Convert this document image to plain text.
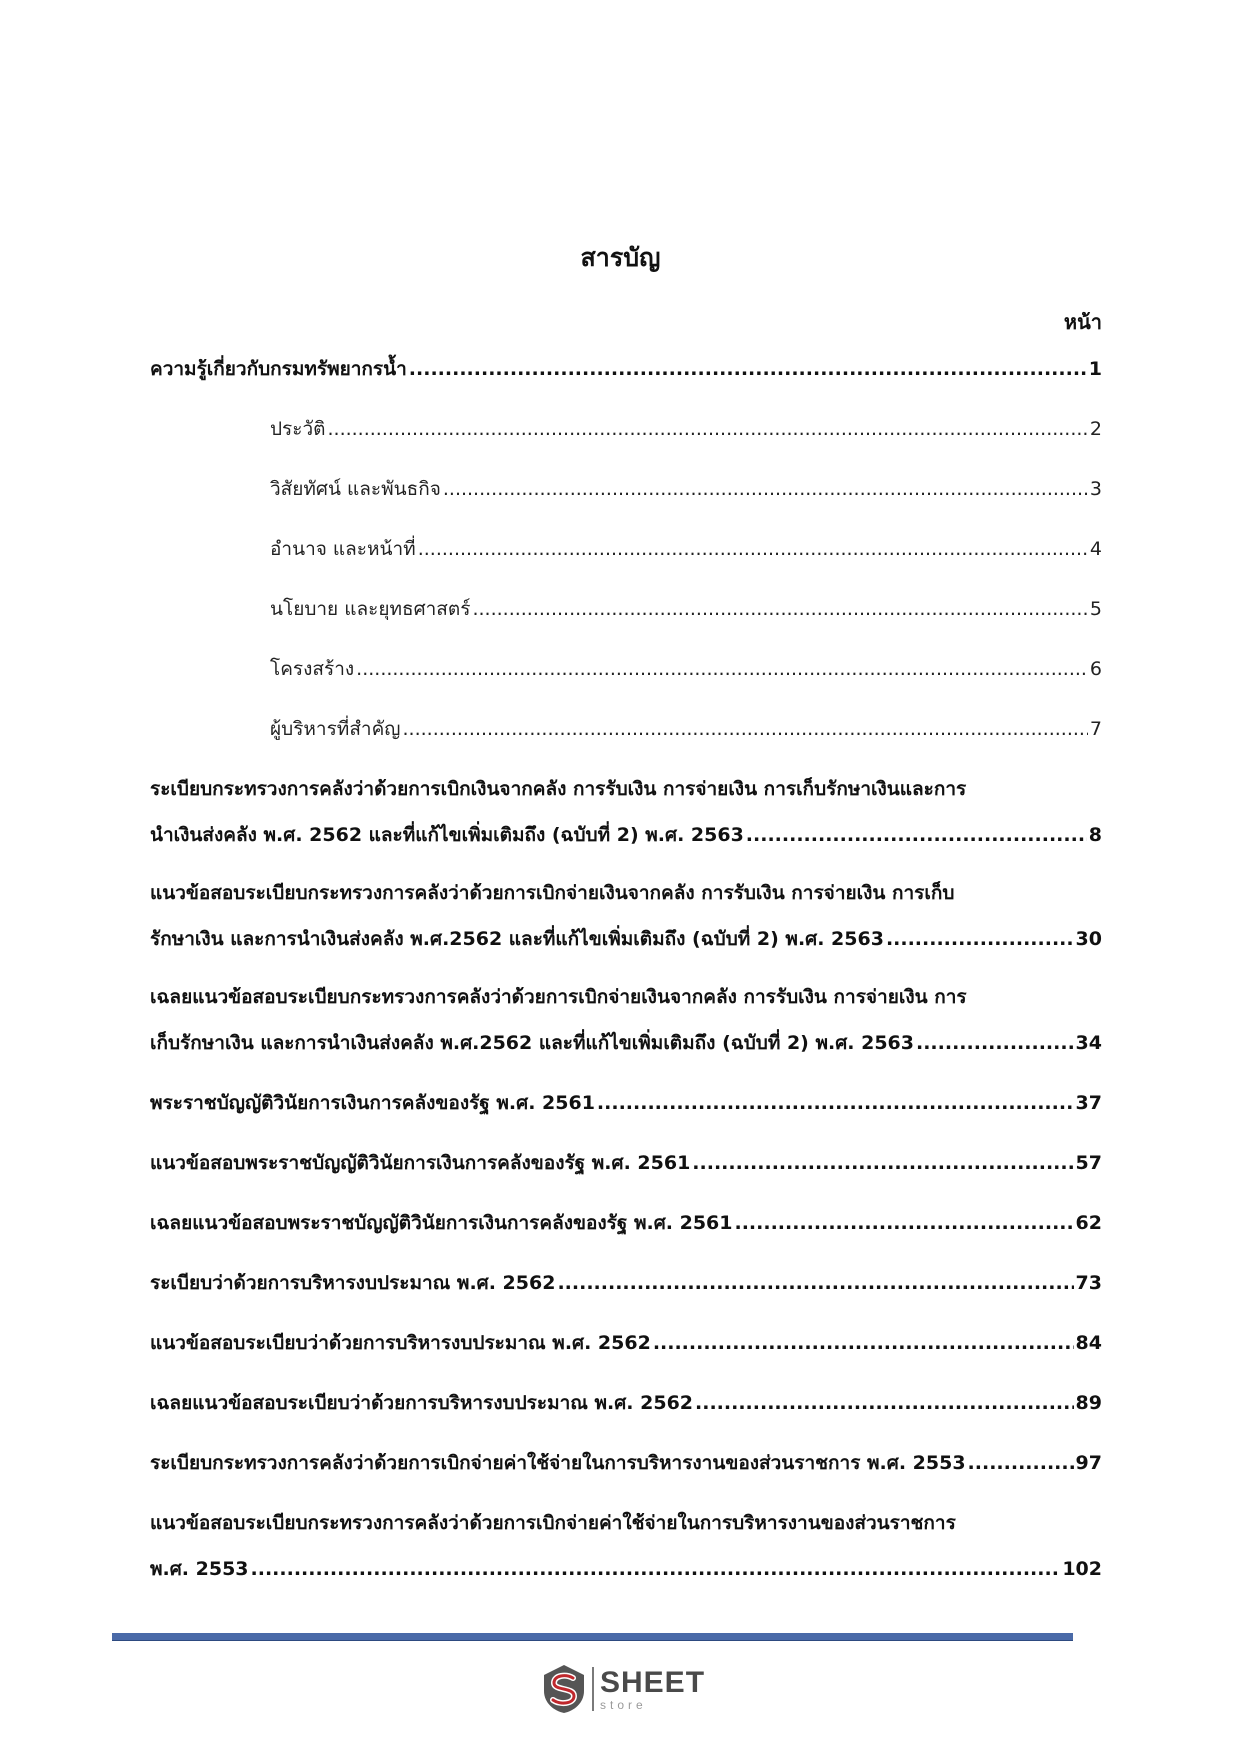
สารบัญ
หน้า
ความรู้เกี่ยวกับกรมทรัพยากรน้ำ .....	1
ประวัติ .....	2
วิสัยทัศน์ และพันธกิจ .....	3
อำนาจ และหน้าที่ .....	4
นโยบาย และยุทธศาสตร์ .....	5
โครงสร้าง .....	6
ผู้บริหารที่สำคัญ .....	7
ระเบียบกระทรวงการคลังว่าด้วยการเบิกเงินจากคลัง การรับเงิน การจ่ายเงิน การเก็บรักษาเงินและการ
นำเงินส่งคลัง พ.ศ. 2562 และที่แก้ไขเพิ่มเติมถึง (ฉบับที่ 2) พ.ศ. 2563 .....	8
แนวข้อสอบระเบียบกระทรวงการคลังว่าด้วยการเบิกจ่ายเงินจากคลัง การรับเงิน การจ่ายเงิน การเก็บ
รักษาเงิน และการนำเงินส่งคลัง พ.ศ.2562 และที่แก้ไขเพิ่มเติมถึง (ฉบับที่ 2) พ.ศ. 2563 .....	30
เฉลยแนวข้อสอบระเบียบกระทรวงการคลังว่าด้วยการเบิกจ่ายเงินจากคลัง การรับเงิน การจ่ายเงิน การ
เก็บรักษาเงิน และการนำเงินส่งคลัง พ.ศ.2562 และที่แก้ไขเพิ่มเติมถึง (ฉบับที่ 2) พ.ศ. 2563 .....	34
พระราชบัญญัติวินัยการเงินการคลังของรัฐ พ.ศ. 2561 .....	37
แนวข้อสอบพระราชบัญญัติวินัยการเงินการคลังของรัฐ พ.ศ. 2561 .....	57
เฉลยแนวข้อสอบพระราชบัญญัติวินัยการเงินการคลังของรัฐ พ.ศ. 2561 .....	62
ระเบียบว่าด้วยการบริหารงบประมาณ พ.ศ. 2562 .....	73
แนวข้อสอบระเบียบว่าด้วยการบริหารงบประมาณ พ.ศ. 2562 .....	84
เฉลยแนวข้อสอบระเบียบว่าด้วยการบริหารงบประมาณ พ.ศ. 2562 .....	89
ระเบียบกระทรวงการคลังว่าด้วยการเบิกจ่ายค่าใช้จ่ายในการบริหารงานของส่วนราชการ พ.ศ. 2553 .....	97
แนวข้อสอบระเบียบกระทรวงการคลังว่าด้วยการเบิกจ่ายค่าใช้จ่ายในการบริหารงานของส่วนราชการ
พ.ศ. 2553 .....	102
SHEET
store
